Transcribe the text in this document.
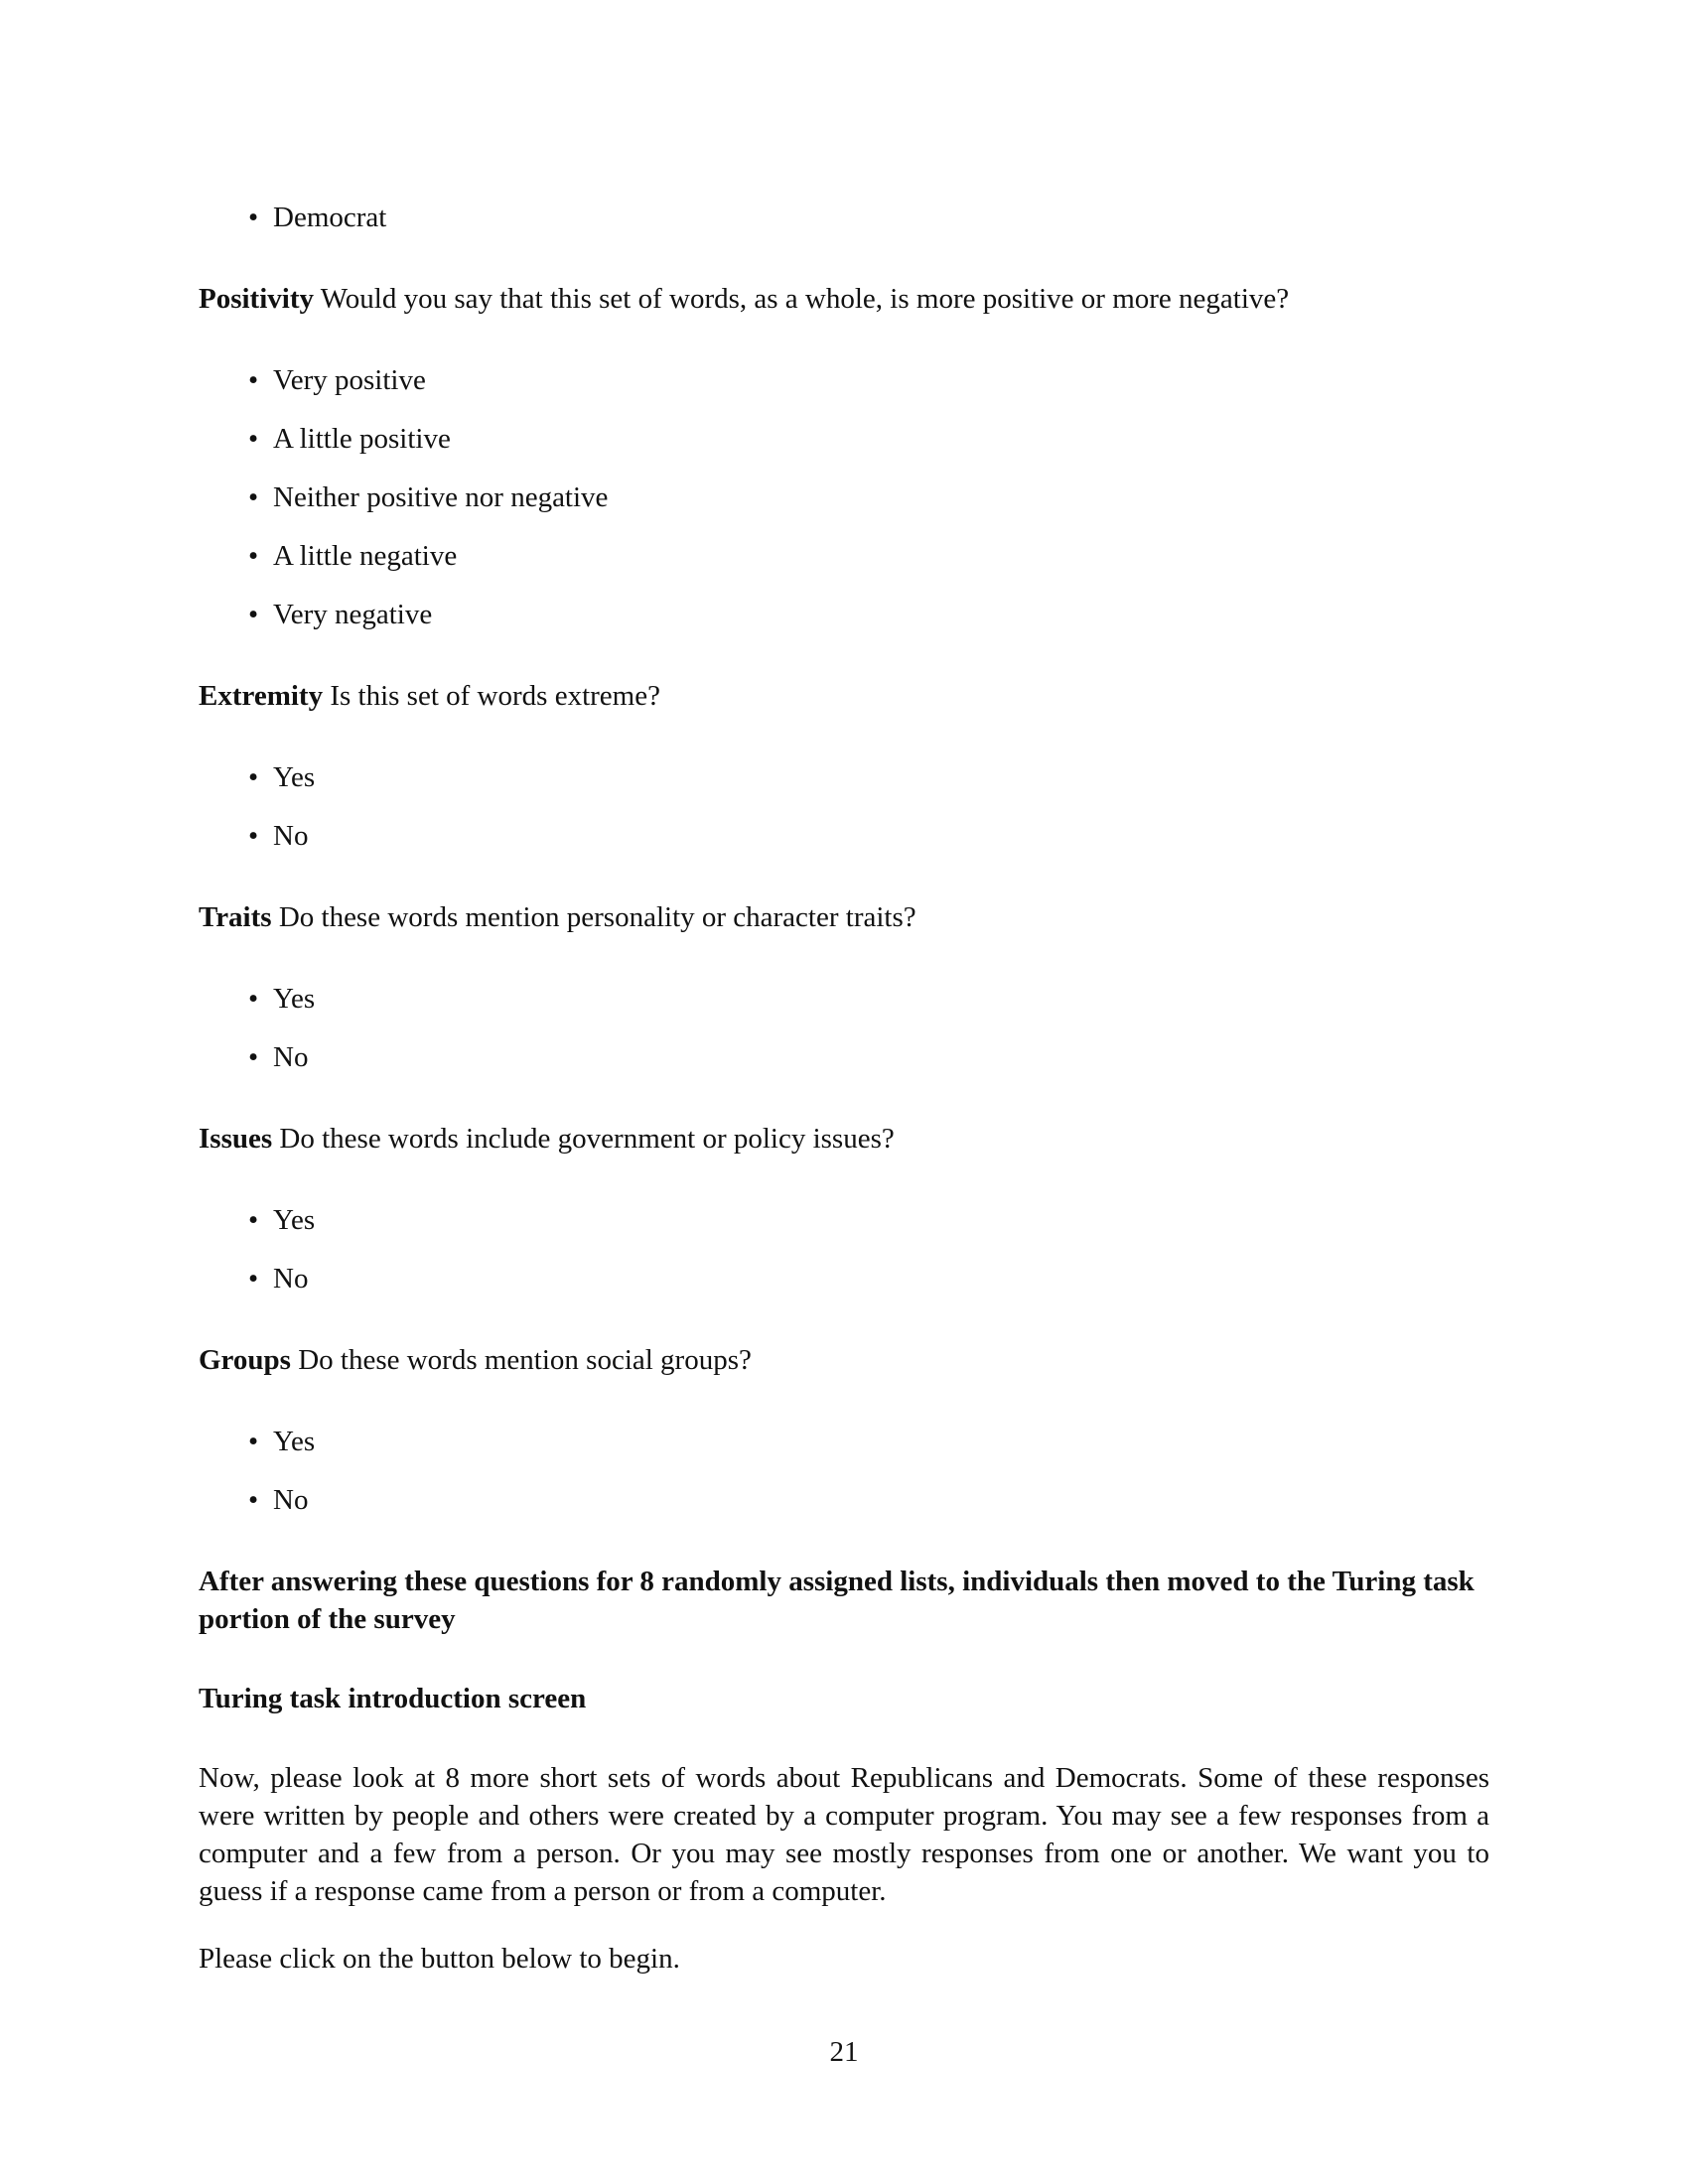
• Democrat
Positivity Would you say that this set of words, as a whole, is more positive or more negative?
• Very positive
• A little positive
• Neither positive nor negative
• A little negative
• Very negative
Extremity Is this set of words extreme?
• Yes
• No
Traits Do these words mention personality or character traits?
• Yes
• No
Issues Do these words include government or policy issues?
• Yes
• No
Groups Do these words mention social groups?
• Yes
• No
After answering these questions for 8 randomly assigned lists, individuals then moved to the Turing task portion of the survey
Turing task introduction screen
Now, please look at 8 more short sets of words about Republicans and Democrats. Some of these responses were written by people and others were created by a computer program. You may see a few responses from a computer and a few from a person. Or you may see mostly responses from one or another. We want you to guess if a response came from a person or from a computer.
Please click on the button below to begin.
21
